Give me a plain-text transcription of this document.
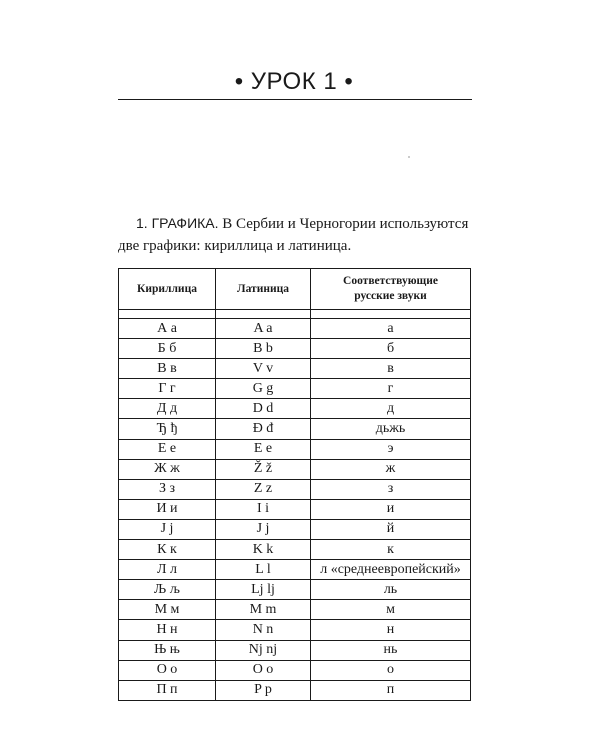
• УРОК 1 •
1. ГРАФИКА. В Сербии и Черногории используются
две графики: кириллица и латиница.
Кириллица	Латиница	Соответствующие
русские звуки

А а	A a	а
Б б	B b	б
В в	V v	в
Г г	G g	г
Д д	D d	д
Ђ ђ	Đ đ	дьжь
Е е	E e	э
Ж ж	Ž ž	ж
З з	Z z	з
И и	I i	и
Ј ј	J j	й
К к	K k	к
Л л	L l	л «среднеевропейский»
Љ љ	Lj lj	ль
М м	M m	м
Н н	N n	н
Њ њ	Nj nj	нь
О о	O o	о
П п	P p	п
